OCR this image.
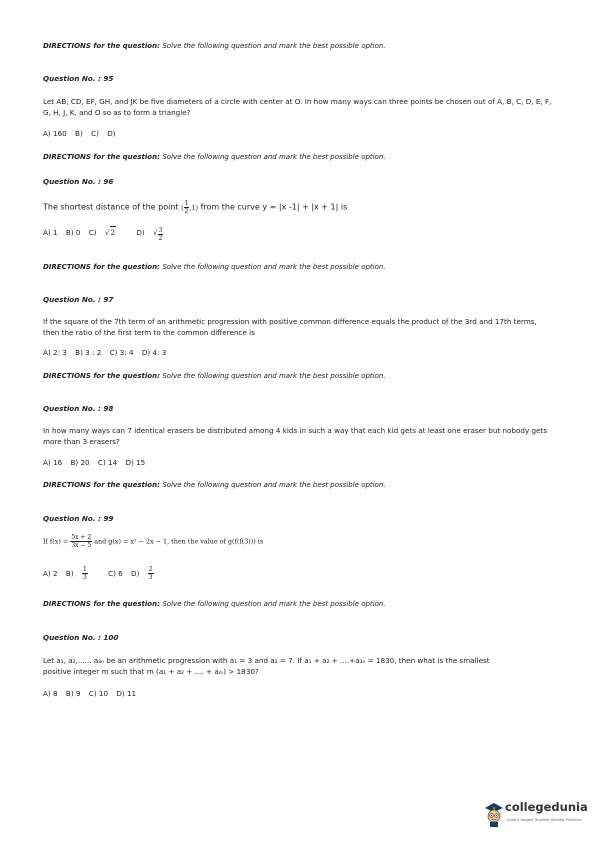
DIRECTIONS for the question: Solve the following question and mark the best possible option.
Question No. : 95
Let AB, CD, EF, GH, and JK be five diameters of a circle with center at O. In how many ways can three points be chosen out of A, B, C, D, E, F, G, H, J, K, and O so as to form a triangle?
A) 160 B) C) D)
DIRECTIONS for the question: Solve the following question and mark the best possible option.
Question No. : 96
The shortest distance of the point ( $\frac{1}{2} ,1$) from the curve y = |x -1| + |x + 1| is
A) 1 B) 0 C) √2	D) √ $\frac{3}{2}$
DIRECTIONS for the question: Solve the following question and mark the best possible option.
Question No. : 97
If the square of the 7th term of an arithmetic progression with positive common difference equals the product of the 3rd and 17th terms, then the ratio of the first term to the common difference is
A) 2: 3 B) 3 : 2 C) 3: 4 D) 4: 3
DIRECTIONS for the question: Solve the following question and mark the best possible option.
Question No. : 98
In how many ways can 7 identical erasers be distributed among 4 kids in such a way that each kid gets at least one eraser but nobody gets more than 3 erasers?
A) 16 B) 20 C) 14 D) 15
DIRECTIONS for the question: Solve the following question and mark the best possible option.
Question No. : 99
If $f(x) = \frac{5x + 2}{3x - 5}$ and g(x) = x² − 2x − 1, then the value of g(f(f(3))) is
A) 2 $B) \frac{1}{3} C$) 6 $D) \frac{2}{3}$
DIRECTIONS for the question: Solve the following question and mark the best possible option.
Question No. : 100
Let a₁, a₂,...... a₃ₙ be an arithmetic progression with a₁ = 3 and a₂ = 7. If a₁ + a₂ + ....+a₃ₙ = 1830, then what is the smallest
positive integer m such that m (a₁ + a₂ + .... + aₘ) > 1830?
A) 8 B) 9 C) 10 D) 11
collegedunia
India's largest Student Review Platform
